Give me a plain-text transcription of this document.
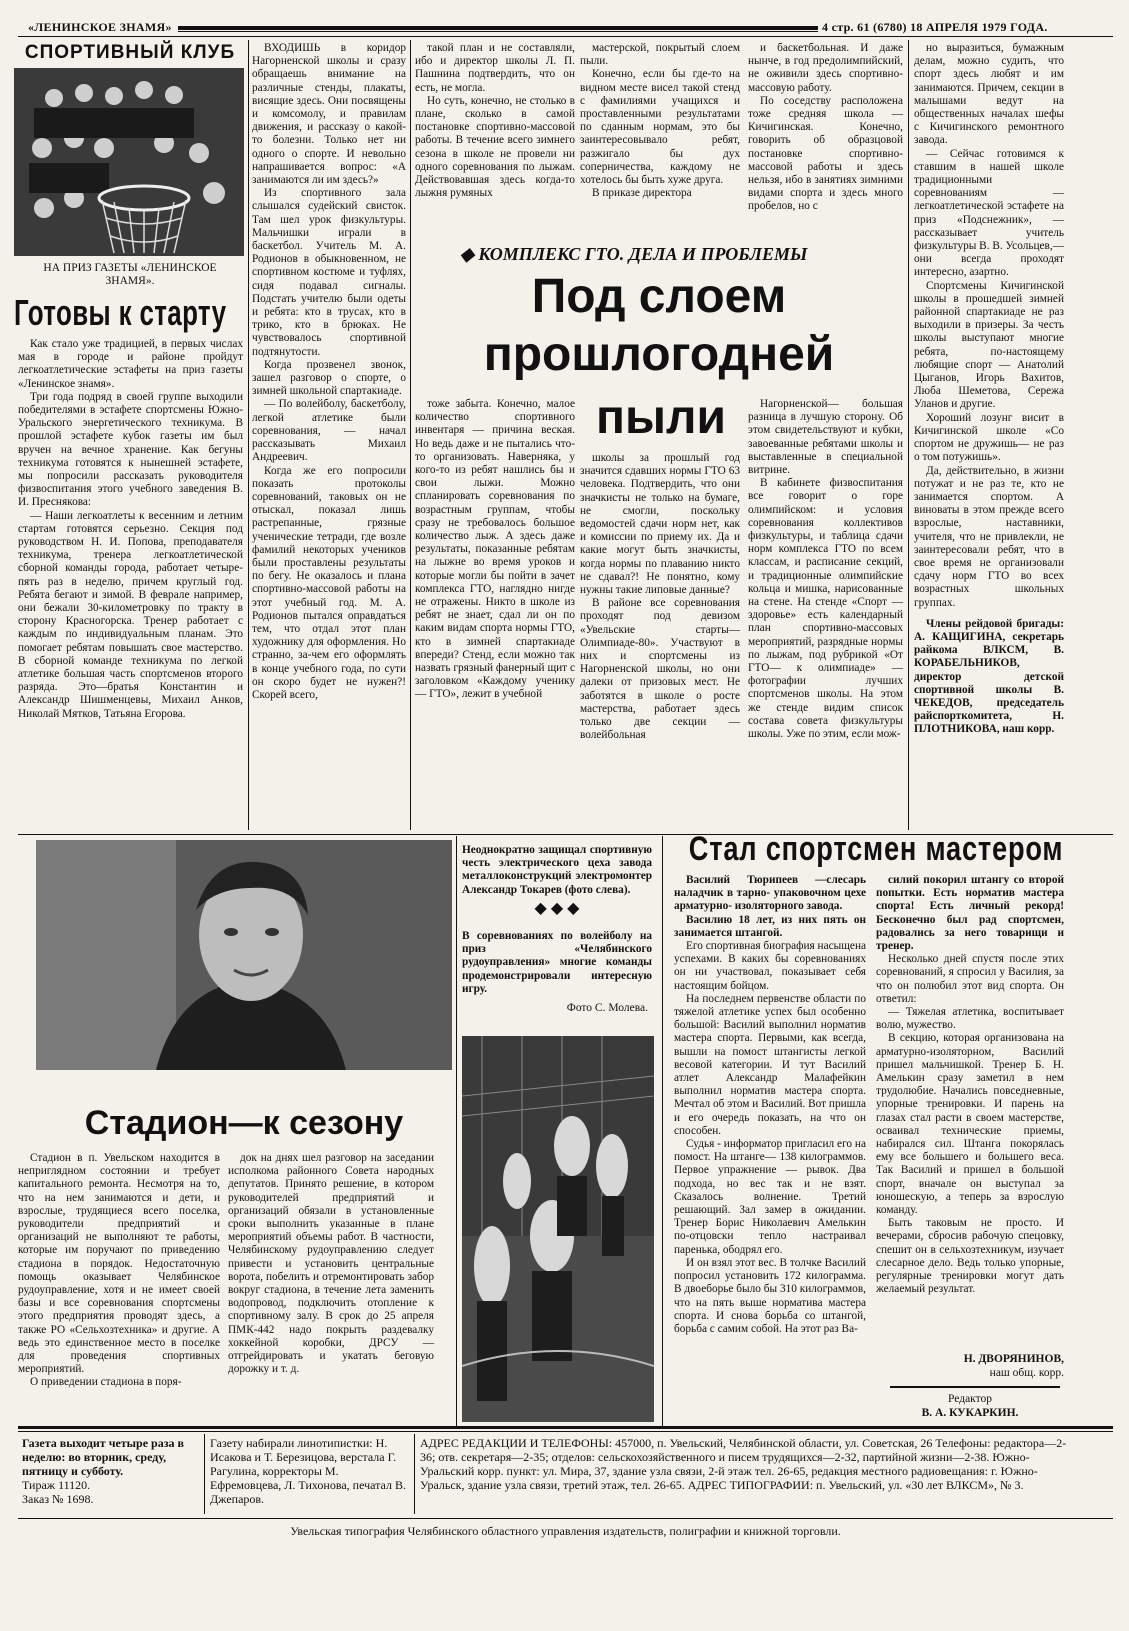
«ЛЕНИНСКОЕ ЗНАМЯ»	4 стр. 61 (6780) 18 АПРЕЛЯ 1979 ГОДА.
СПОРТИВНЫЙ КЛУБ
НА ПРИЗ ГАЗЕТЫ «ЛЕНИНСКОЕ ЗНАМЯ».
Готовы к старту

Как стало уже традицией, в первых числах мая в городе и районе пройдут легкоатлетические эстафеты на приз газеты «Ленинское знамя».

Три года подряд в своей группе выходили победителями в эстафете спортсмены Южно-Уральского энергетического техникума. В прошлой эстафете кубок газеты им был вручен на вечное хранение. Как бегуны техникума готовятся к нынешней эстафете, мы попросили рассказать руководителя физвоспитания этого учебного заведения В. И. Преснякова:

— Наши легкоатлеты к весенним и летним стартам готовятся серьезно. Секция под руководством Н. И. Попова, преподавателя техникума, тренера легкоатлетической сборной команды города, работает четыре-пять раз в неделю, причем круглый год. Ребята бегают и зимой. В феврале например, они бежали 30-километровку по тракту в сторону Красногорска. Тренер работает с каждым по индивидуальным планам. Это помогает ребятам повышать свое мастерство. В сборной команде техникума по легкой атлетике большая часть спортсменов второго разряда. Это—братья Константин и Александр Шишменцевы, Михаил Анков, Николай Мятков, Татьяна Егорова.

ВХОДИШЬ в коридор Нагорненской школы и сразу обращаешь внимание на различные стенды, плакаты, висящие здесь. Они посвящены и комсомолу, и правилам движения, и рассказу о какой-то болезни. Только нет ни одного о спорте. И невольно напрашивается вопрос: «А занимаются ли им здесь?»

Из спортивного зала слышался судейский свисток. Там шел урок физкультуры. Мальчишки играли в баскетбол. Учитель М. А. Родионов в обыкновенном, не спортивном костюме и туфлях, сидя подавал сигналы. Подстать учителю были одеты и ребята: кто в трусах, кто в трико, кто в брюках. Не чувствовалось спортивной подтянутости.

Когда прозвенел звонок, зашел разговор о спорте, о зимней школьной спартакиаде.

— По волейболу, баскетболу, легкой атлетике были соревнования, — начал рассказывать Михаил Андреевич.

Когда же его попросили показать протоколы соревнований, таковых он не отыскал, показал лишь растрепанные, грязные ученические тетради, где возле фамилий некоторых учеников были проставлены результаты по бегу. Не оказалось и плана спортивно-массовой работы на этот учебный год. М. А. Родионов пытался оправдаться тем, что отдал этот план художнику для оформления. Но странно, за-чем его оформлять в конце учебного года, по сути он скоро будет не нужен?! Скорей всего,

такой план и не составляли, ибо и директор школы Л. П. Пашнина подтвердить, что он есть, не могла.

Но суть, конечно, не столько в плане, сколько в самой постановке спортивно-массовой работы. В течение всего зимнего сезона в школе не провели ни одного соревнования по лыжам. Действовавшая здесь когда-то лыжня румяных

мастерской, покрытый слоем пыли.

Конечно, если бы где-то на видном месте висел такой стенд с фамилиями учащихся и проставленными результатами по сданным нормам, это бы заинтересовывало ребят, разжигало бы дух соперничества, каждому не хотелось бы быть хуже друга.

В приказе директора

и баскетбольная. И даже нынче, в год предолимпийский, не оживили здесь спортивно-массовую работу.

По соседству расположена тоже средняя школа —Кичигинская. Конечно, говорить об образцовой постановке спортивно-массовой работы и здесь нельзя, ибо в занятиях зимними видами спорта и здесь много пробелов, но с

но выразиться, бумажным делам, можно судить, что спорт здесь любят и им занимаются. Причем, секции в малышами ведут на общественных началах шефы с Кичигинского ремонтного завода.

— Сейчас готовимся к ставшим в нашей школе традиционными соревнованиям — легкоатлетической эстафете на приз «Подснежник», — рассказывает учитель физкультуры В. В. Усольцев,—они всегда проходят интересно, азартно.

Спортсмены Кичигинской школы в прошедшей зимней районной спартакиаде не раз выходили в призеры. За честь школы выступают многие ребята, по-настоящему любящие спорт — Анатолий Цыганов, Игорь Вахитов, Люба Шеметова, Сережа Уланов и другие.

Хороший лозунг висит в Кичигинской школе «Со спортом не дружишь— не раз о том потужишь».

Да, действительно, в жизни потужат и не раз те, кто не занимается спортом. А виноваты в этом прежде всего взрослые, наставники, учителя, что не привлекли, не заинтересовали ребят, что в свое время не организовали сдачу норм ГТО во всех возрастных школьных группах.

Члены рейдовой бригады: А. КАЩИГИНА, секретарь райкома ВЛКСМ, В. КОРАБЕЛЬНИКОВ, директор детской спортивной школы В. ЧЕКЕДОВ, председатель райспорткомитета, Н. ПЛОТНИКОВА, наш корр.

◆ КОМПЛЕКС ГТО. ДЕЛА И ПРОБЛЕМЫ
Под слоем
прошлогодней
пыли

тоже забыта. Конечно, малое количество спортивного инвентаря — причина веская. Но ведь даже и не пытались что-то организовать. Наверняка, у кого-то из ребят нашлись бы и свои лыжи. Можно спланировать соревнования по возрастным группам, чтобы сразу не требовалось большое количество лыж. А здесь даже результаты, показанные ребятам на лыжне во время уроков и которые могли бы пойти в зачет комплекса ГТО, наглядно нигде не отражены. Никто в школе из ребят не знает, сдал ли он по каким видам спорта нормы ГТО, кто в зимней спартакиаде впереди? Стенд, если можно так назвать грязный фанерный щит с заголовком «Каждому ученику — ГТО», лежит в учебной

школы за прошлый год значится сдавших нормы ГТО 63 человека. Подтвердить, что они значкисты не только на бумаге, не смогли, поскольку ведомостей сдачи норм нет, как и комиссии по приему их. Да и какие могут быть значкисты, когда нормы по плаванию никто не сдавал?! Не понятно, кому нужны такие липовые данные?

В районе все соревнования проходят под девизом «Увельские старты—Олимпиаде-80». Участвуют в них и спортсмены из Нагорненской школы, но они далеки от призовых мест. Не заботятся в школе о росте мастерства, работает здесь только две секции — волейбольная

Нагорненской— большая разница в лучшую сторону. Об этом свидетельствуют и кубки, завоеванные ребятами школы и выставленные в специальной витрине.

В кабинете физвоспитания все говорит о горе олимпийском: и условия соревнования коллективов физкультуры, и таблица сдачи норм комплекса ГТО по всем классам, и расписание секций, и традиционные олимпийские кольца и мишка, нарисованные на стене. На стенде «Спорт — здоровье» есть календарный план спортивно-массовых мероприятий, разрядные нормы по лыжам, под рубрикой «От ГТО— к олимпиаде» — фотографии лучших спортсменов школы. На этом же стенде видим список состава совета физкультуры школы. Уже по этим, если мож-

Стадион—к сезону

Стадион в п. Увельском находится в неприглядном состоянии и требует капитального ремонта. Несмотря на то, что на нем занимаются и дети, и взрослые, трудящиеся всего поселка, руководители предприятий и организаций не выполняют те работы, которые им поручают по приведению стадиона в порядок. Недостаточную помощь оказывает Челябинское рудоуправление, хотя и не имеет своей базы и все соревнования спортсмены этого предприятия проводят здесь, а также РО «Сельхозтехника» и другие. А ведь это единственное место в поселке для проведения спортивных мероприятий.

О приведении стадиона в поря-

док на днях шел разговор на заседании исполкома районного Совета народных депутатов. Принято решение, в котором руководителей предприятий и организаций обязали в установленные сроки выполнить указанные в плане мероприятий объемы работ. В частности, Челябинскому рудоуправлению следует привести и установить центральные ворота, побелить и отремонтировать забор вокруг стадиона, в течение лета заменить водопровод, подключить отопление к спортивному залу. В срок до 25 апреля ПМК-442 надо покрыть раздевалку хоккейной коробки, ДРСУ — отгрейдировать и укатать беговую дорожку и т. д.

Неоднократно защищал спортивную честь электрического цеха завода металлоконструкций электромонтер Александр Токарев (фото слева).
◆ ◆ ◆
В соревнованиях по волейболу на приз «Челябинского рудоуправления» многие команды продемонстрировали интересную игру.
Фото С. Молева.
Стал спортсмен мастером

Василий Тюрипеев —слесарь наладчик в тарно- упаковочном цехе арматурно- изоляторного завода.

Василию 18 лет, из них пять он занимается штангой.

Его спортивная биография насыщена успехами. В каких бы соревнованиях он ни участвовал, показывает себя настоящим бойцом.

На последнем первенстве области по тяжелой атлетике успех был особенно большой: Василий выполнил норматив мастера спорта. Первыми, как всегда, вышли на помост штангисты легкой весовой категории. И тут Василий атлет Александр Малафейкин выполнил норматив мастера спорта. Мечтал об этом и Василий. Вот пришла и его очередь показать, на что он способен.

Судья - информатор пригласил его на помост. На штанге— 138 килограммов. Первое упражнение — рывок. Два подхода, но вес так и не взят. Сказалось волнение. Третий решающий. Зал замер в ожидании. Тренер Борис Николаевич Амелькин по-отцовски тепло настраивал паренька, ободрял его.

И он взял этот вес. В толчке Василий попросил установить 172 килограмма. В двоеборье было бы 310 килограммов, что на пять выше норматива мастера спорта. И снова борьба со штангой, борьба с самим собой. На этот раз Ва-

силий покорил штангу со второй попытки. Есть норматив мастера спорта! Есть личный рекорд! Бесконечно был рад спортсмен, радовались за него товарищи и тренер.

Несколько дней спустя после этих соревнований, я спросил у Василия, за что он полюбил этот вид спорта. Он ответил:

— Тяжелая атлетика, воспитывает волю, мужество.

В секцию, которая организована на арматурно-изоляторном, Василий пришел мальчишкой. Тренер Б. Н. Амелькин сразу заметил в нем трудолюбие. Начались повседневные, упорные тренировки. И парень на глазах стал расти в своем мастерстве, осваивал технические приемы, набирался сил. Штанга покорялась ему все большего и большего веса. Так Василий и пришел в большой спорт, вначале он выступал за юношескую, а теперь за взрослую команду.

Быть таковым не просто. И вечерами, сбросив рабочую спецовку, спешит он в сельхозтехникум, изучает слесарное дело. Ведь только упорные, регулярные тренировки могут дать желаемый результат.

Н. ДВОРЯНИНОВ,
наш общ. корр.
Редактор
В. А. КУКАРКИН.
Газета выходит четыре раза в неделю: во вторник, среду, пятницу и субботу.
Тираж 11120.
Заказ № 1698.
Газету набирали линотипистки: Н. Исакова и Т. Березицова, верстала Г. Рагулина, корректоры М. Ефремовцева, Л. Тихонова, печатал В. Джепаров.
АДРЕС РЕДАКЦИИ И ТЕЛЕФОНЫ: 457000, п. Увельский, Челябинской области, ул. Советская, 26 Телефоны: редактора—2-36; отв. секретаря—2-35; отделов: сельскохозяйственного и писем трудящихся—2-32, партийной жизни—2-38. Южно-Уральский корр. пункт: ул. Мира, 37, здание узла связи, 2-й этаж тел. 26-65, редакция местного радиовещания: г. Южно-Уральск, здание узла связи, третий этаж, тел. 26-65. АДРЕС ТИПОГРАФИИ: п. Увельский, ул. «30 лет ВЛКСМ», № 3.
Увельская типография Челябинского областного управления издательств, полиграфии и книжной торговли.
